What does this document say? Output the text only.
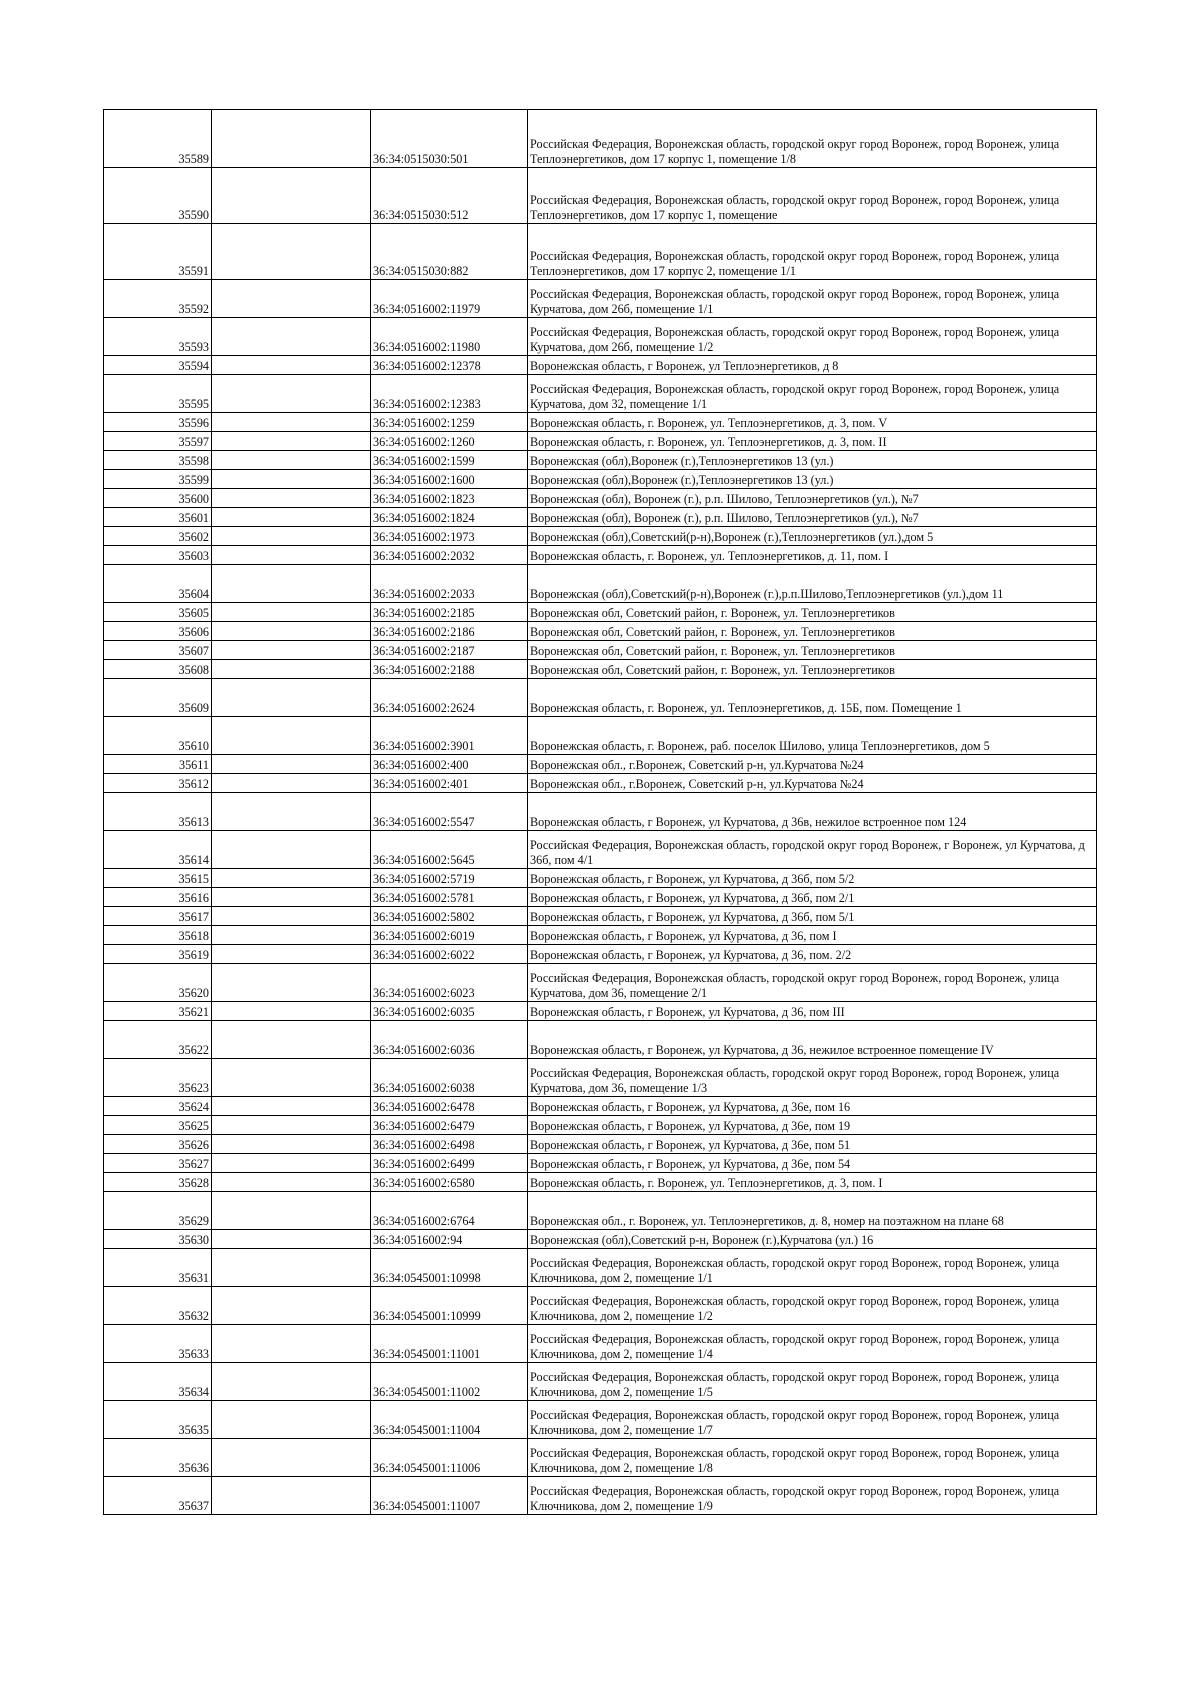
35589		36:34:0515030:501	Российская Федерация, Воронежская область, городской округ город Воронеж, город Воронеж, улица Теплоэнергетиков, дом 17 корпус 1, помещение 1/8
35590		36:34:0515030:512	Российская Федерация, Воронежская область, городской округ город Воронеж, город Воронеж, улица Теплоэнергетиков, дом 17 корпус 1, помещение
35591		36:34:0515030:882	Российская Федерация, Воронежская область, городской округ город Воронеж, город Воронеж, улица Теплоэнергетиков, дом 17 корпус 2, помещение 1/1
35592		36:34:0516002:11979	Российская Федерация, Воронежская область, городской округ город Воронеж, город Воронеж, улица Курчатова, дом 26б, помещение 1/1
35593		36:34:0516002:11980	Российская Федерация, Воронежская область, городской округ город Воронеж, город Воронеж, улица Курчатова, дом 26б, помещение 1/2
35594		36:34:0516002:12378	Воронежская область, г Воронеж, ул Теплоэнергетиков, д 8
35595		36:34:0516002:12383	Российская Федерация, Воронежская область, городской округ город Воронеж, город Воронеж, улица Курчатова, дом 32, помещение 1/1
35596		36:34:0516002:1259	Воронежская область, г. Воронеж, ул. Теплоэнергетиков, д. 3, пом. V
35597		36:34:0516002:1260	Воронежская область, г. Воронеж, ул. Теплоэнергетиков, д. 3, пом. II
35598		36:34:0516002:1599	Воронежская (обл),Воронеж (г.),Теплоэнергетиков 13 (ул.)
35599		36:34:0516002:1600	Воронежская (обл),Воронеж (г.),Теплоэнергетиков 13 (ул.)
35600		36:34:0516002:1823	Воронежская (обл), Воронеж (г.), р.п. Шилово, Теплоэнергетиков (ул.), №7
35601		36:34:0516002:1824	Воронежская (обл), Воронеж (г.), р.п. Шилово, Теплоэнергетиков (ул.), №7
35602		36:34:0516002:1973	Воронежская (обл),Советский(р-н),Воронеж (г.),Теплоэнергетиков (ул.),дом 5
35603		36:34:0516002:2032	Воронежская область, г. Воронеж, ул. Теплоэнергетиков, д. 11, пом. I
35604		36:34:0516002:2033	Воронежская (обл),Советский(р-н),Воронеж (г.),р.п.Шилово,Теплоэнергетиков (ул.),дом 11
35605		36:34:0516002:2185	Воронежская обл, Советский район, г. Воронеж, ул. Теплоэнергетиков
35606		36:34:0516002:2186	Воронежская обл, Советский район, г. Воронеж, ул. Теплоэнергетиков
35607		36:34:0516002:2187	Воронежская обл, Советский район, г. Воронеж, ул. Теплоэнергетиков
35608		36:34:0516002:2188	Воронежская обл, Советский район, г. Воронеж, ул. Теплоэнергетиков
35609		36:34:0516002:2624	Воронежская область, г. Воронеж, ул. Теплоэнергетиков, д. 15Б, пом. Помещение 1
35610		36:34:0516002:3901	Воронежская область, г. Воронеж, раб. поселок Шилово, улица Теплоэнергетиков, дом 5
35611		36:34:0516002:400	Воронежская обл., г.Воронеж, Советский р-н, ул.Курчатова №24
35612		36:34:0516002:401	Воронежская обл., г.Воронеж, Советский р-н, ул.Курчатова №24
35613		36:34:0516002:5547	Воронежская область, г Воронеж, ул Курчатова, д 36в, нежилое встроенное пом 124
35614		36:34:0516002:5645	Российская Федерация, Воронежская область, городской округ город Воронеж, г Воронеж, ул Курчатова, д 36б, пом 4/1
35615		36:34:0516002:5719	Воронежская область, г Воронеж, ул Курчатова, д 36б, пом 5/2
35616		36:34:0516002:5781	Воронежская область, г Воронеж, ул Курчатова, д 36б, пом 2/1
35617		36:34:0516002:5802	Воронежская область, г Воронеж, ул Курчатова, д 36б, пом 5/1
35618		36:34:0516002:6019	Воронежская область, г Воронеж, ул Курчатова, д 36, пом I
35619		36:34:0516002:6022	Воронежская область, г Воронеж, ул Курчатова, д 36, пом. 2/2
35620		36:34:0516002:6023	Российская Федерация, Воронежская область, городской округ город Воронеж, город Воронеж, улица Курчатова, дом 36, помещение 2/1
35621		36:34:0516002:6035	Воронежская область, г Воронеж, ул Курчатова, д 36, пом III
35622		36:34:0516002:6036	Воронежская область, г Воронеж, ул Курчатова, д 36, нежилое встроенное помещение IV
35623		36:34:0516002:6038	Российская Федерация, Воронежская область, городской округ город Воронеж, город Воронеж, улица Курчатова, дом 36, помещение 1/3
35624		36:34:0516002:6478	Воронежская область, г Воронеж, ул Курчатова, д 36е, пом 16
35625		36:34:0516002:6479	Воронежская область, г Воронеж, ул Курчатова, д 36е, пом 19
35626		36:34:0516002:6498	Воронежская область, г Воронеж, ул Курчатова, д 36е, пом 51
35627		36:34:0516002:6499	Воронежская область, г Воронеж, ул Курчатова, д 36е, пом 54
35628		36:34:0516002:6580	Воронежская область, г. Воронеж, ул. Теплоэнергетиков, д. 3, пом. I
35629		36:34:0516002:6764	Воронежская обл., г. Воронеж, ул. Теплоэнергетиков, д. 8, номер на поэтажном на плане 68
35630		36:34:0516002:94	Воронежская (обл),Советский р-н, Воронеж (г.),Курчатова (ул.) 16
35631		36:34:0545001:10998	Российская Федерация, Воронежская область, городской округ город Воронеж, город Воронеж, улица Ключникова, дом 2, помещение 1/1
35632		36:34:0545001:10999	Российская Федерация, Воронежская область, городской округ город Воронеж, город Воронеж, улица Ключникова, дом 2, помещение 1/2
35633		36:34:0545001:11001	Российская Федерация, Воронежская область, городской округ город Воронеж, город Воронеж, улица Ключникова, дом 2, помещение 1/4
35634		36:34:0545001:11002	Российская Федерация, Воронежская область, городской округ город Воронеж, город Воронеж, улица Ключникова, дом 2, помещение 1/5
35635		36:34:0545001:11004	Российская Федерация, Воронежская область, городской округ город Воронеж, город Воронеж, улица Ключникова, дом 2, помещение 1/7
35636		36:34:0545001:11006	Российская Федерация, Воронежская область, городской округ город Воронеж, город Воронеж, улица Ключникова, дом 2, помещение 1/8
35637		36:34:0545001:11007	Российская Федерация, Воронежская область, городской округ город Воронеж, город Воронеж, улица Ключникова, дом 2, помещение 1/9
